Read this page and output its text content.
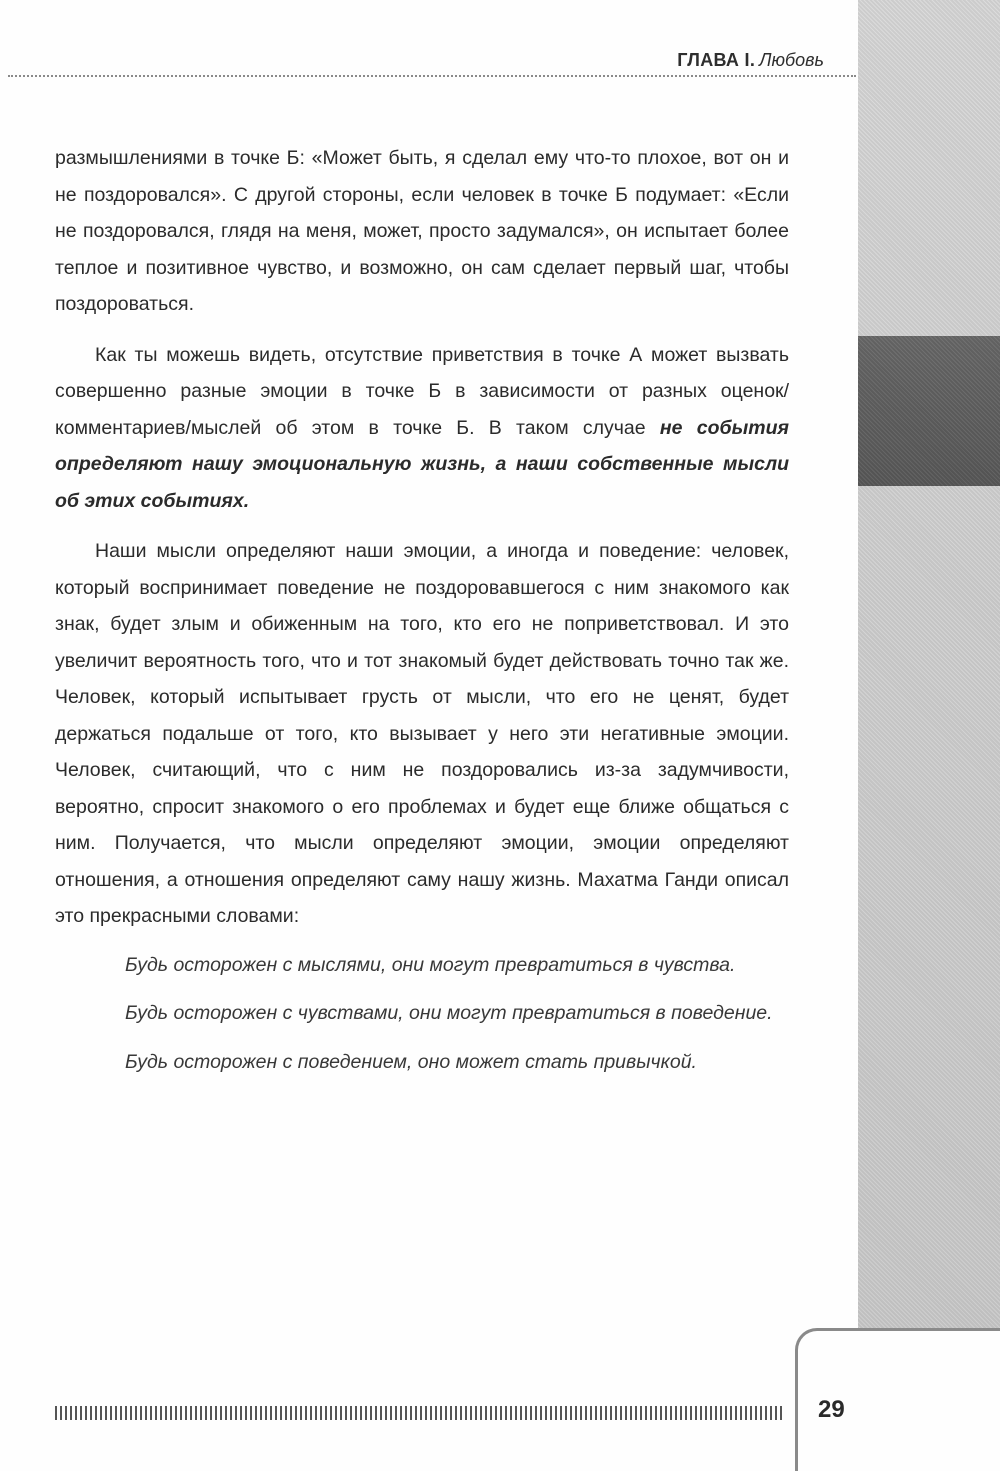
ГЛАВА I. Любовь

размышлениями в точке Б: «Может быть, я сделал ему что-то плохое, вот он и не поздоровался». С другой стороны, если человек в точке Б подумает: «Если не поздоровался, глядя на меня, может, просто задумался», он испытает более теплое и позитивное чувство, и возможно, он сам сделает первый шаг, чтобы поздороваться.

Как ты можешь видеть, отсутствие приветствия в точке А может вызвать совершенно разные эмоции в точке Б в зависимости от разных оценок/комментариев/мыслей об этом в точке Б. В таком случае не события определяют нашу эмоциональную жизнь, а наши собственные мысли об этих событиях.

Наши мысли определяют наши эмоции, а иногда и поведение: человек, который воспринимает поведение не поздоровавшегося с ним знакомого как знак, будет злым и обиженным на того, кто его не поприветствовал. И это увеличит вероятность того, что и тот знакомый будет действовать точно так же. Человек, который испытывает грусть от мысли, что его не ценят, будет держаться подальше от того, кто вызывает у него эти негативные эмоции. Человек, считающий, что с ним не поздоровались из-за задумчивости, вероятно, спросит знакомого о его проблемах и будет еще ближе общаться с ним. Получается, что мысли определяют эмоции, эмоции определяют отношения, а отношения определяют саму нашу жизнь. Махатма Ганди описал это прекрасными словами:

Будь осторожен с мыслями, они могут превратиться в чувства.

Будь осторожен с чувствами, они могут превратиться в поведение.

Будь осторожен с поведением, оно может стать привычкой.

29
